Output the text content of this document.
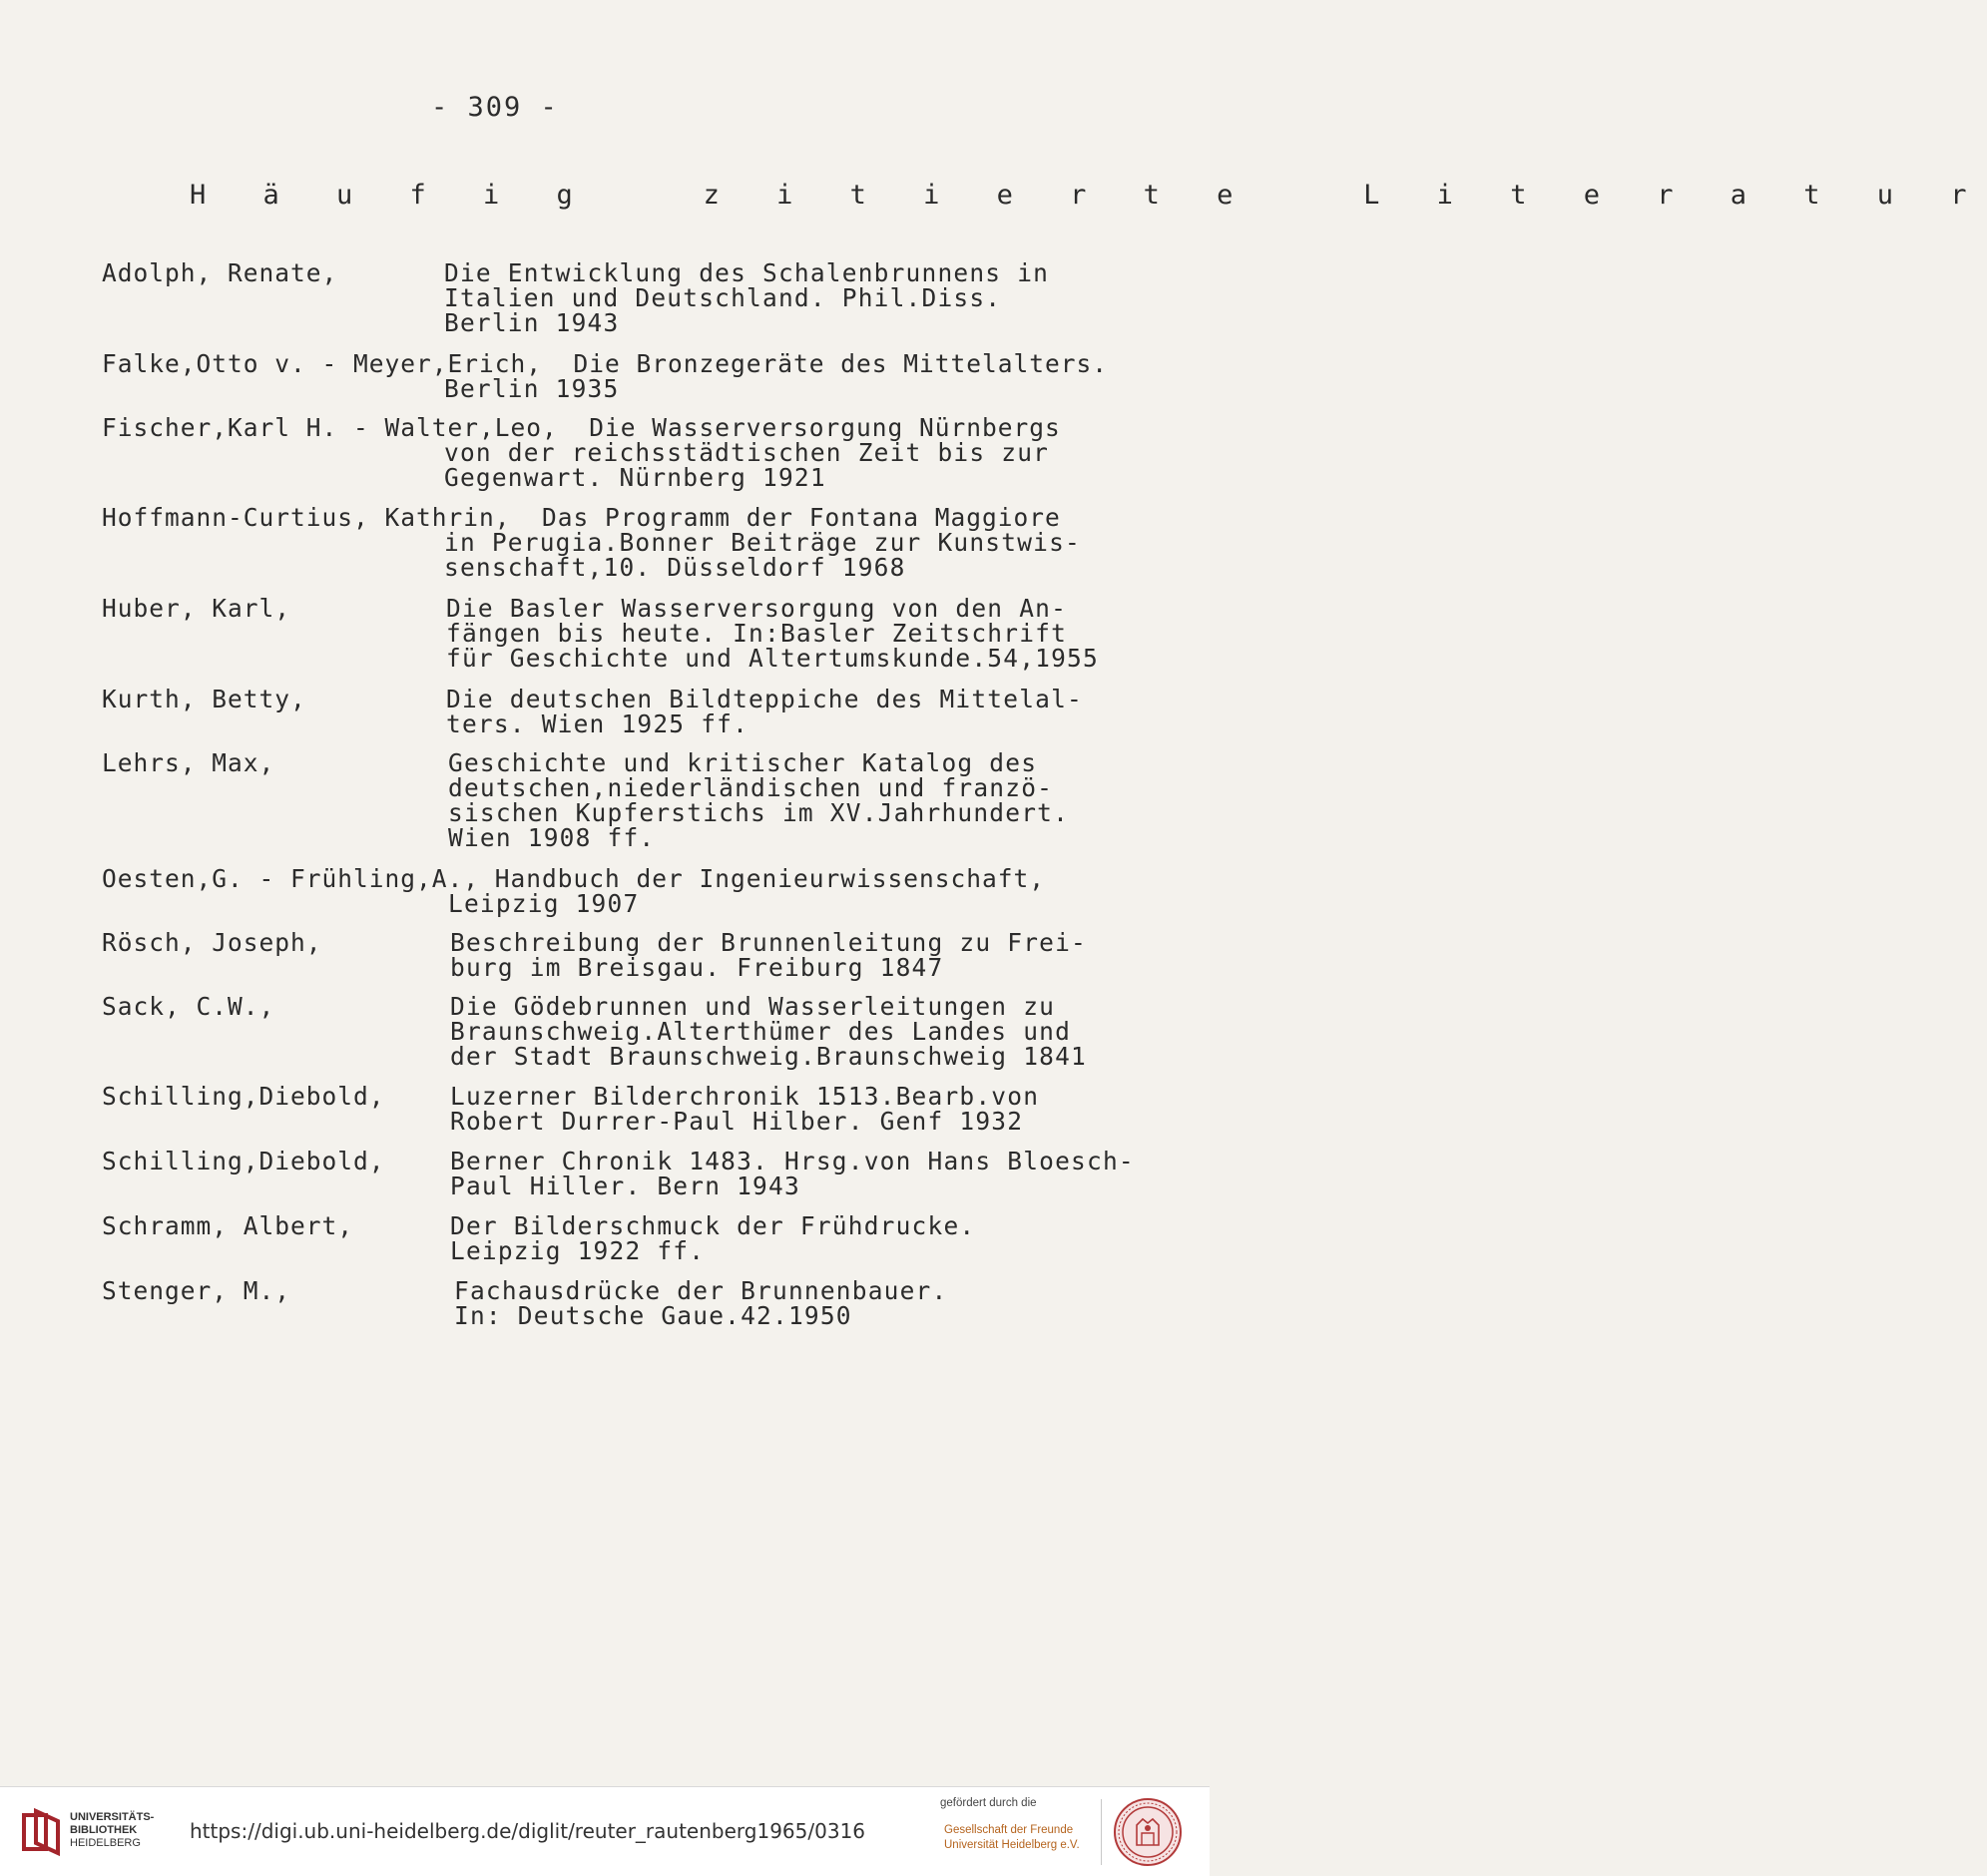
- 309 -
H ä u f i g   z i t i e r t e   L i t e r a t u r
Adolph, Renate,	Die Entwicklung des Schalenbrunnens in
Italien und Deutschland. Phil.Diss.
Berlin 1943
Falke,Otto v. - Meyer,Erich,  Die Bronzegeräte des Mittelalters.
Berlin 1935
Fischer,Karl H. - Walter,Leo,  Die Wasserversorgung Nürnbergs
von der reichsstädtischen Zeit bis zur
Gegenwart. Nürnberg 1921
Hoffmann-Curtius, Kathrin,  Das Programm der Fontana Maggiore
in Perugia.Bonner Beiträge zur Kunstwis-
senschaft,10. Düsseldorf 1968
Huber, Karl,	Die Basler Wasserversorgung von den An-
fängen bis heute. In:Basler Zeitschrift
für Geschichte und Altertumskunde.54,1955
Kurth, Betty,	Die deutschen Bildteppiche des Mittelal-
ters. Wien 1925 ff.
Lehrs, Max,	Geschichte und kritischer Katalog des
deutschen,niederländischen und franzö-
sischen Kupferstichs im XV.Jahrhundert.
Wien 1908 ff.
Oesten,G. - Frühling,A., Handbuch der Ingenieurwissenschaft,
Leipzig 1907
Rösch, Joseph,	Beschreibung der Brunnenleitung zu Frei-
burg im Breisgau. Freiburg 1847
Sack, C.W.,	Die Gödebrunnen und Wasserleitungen zu
Braunschweig.Alterthümer des Landes und
der Stadt Braunschweig.Braunschweig 1841
Schilling,Diebold,	Luzerner Bilderchronik 1513.Bearb.von
Robert Durrer-Paul Hilber. Genf 1932
Schilling,Diebold,	Berner Chronik 1483. Hrsg.von Hans Bloesch-
Paul Hiller. Bern 1943
Schramm, Albert,	Der Bilderschmuck der Frühdrucke.
Leipzig 1922 ff.
Stenger, M.,	Fachausdrücke der Brunnenbauer.
In: Deutsche Gaue.42.1950
UNIVERSITÄTS-
BIBLIOTHEK
HEIDELBERG	https://digi.ub.uni-heidelberg.de/diglit/reuter_rautenberg1965/0316
gefördert durch die
Gesellschaft der Freunde
Universität Heidelberg e.V.
